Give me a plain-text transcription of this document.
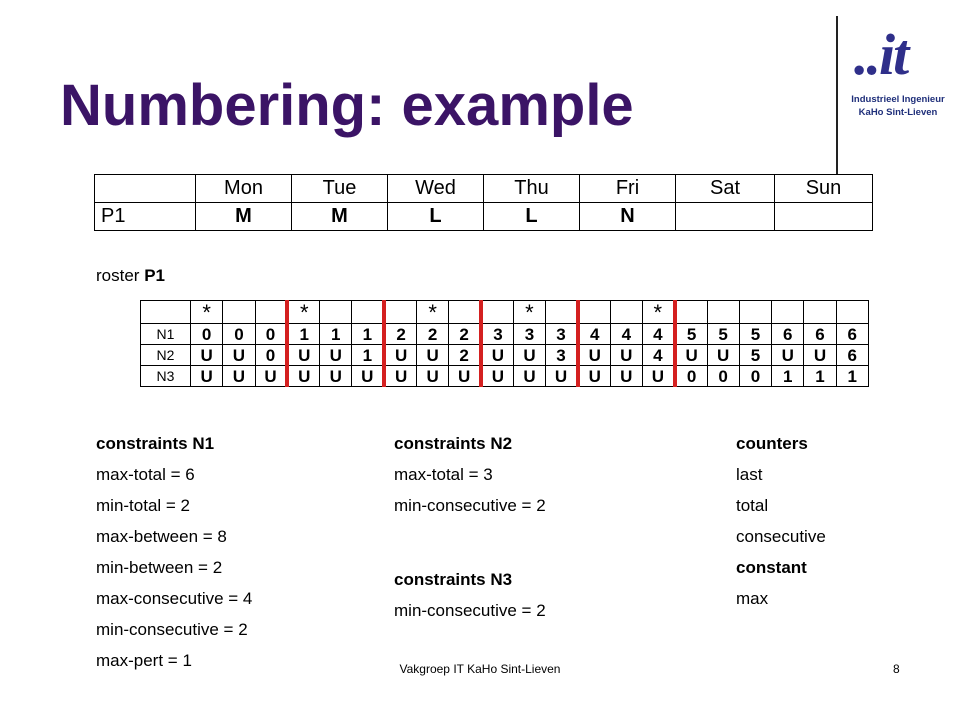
Numbering: example
..it
Industrieel Ingenieur
KaHo Sint-Lieven
	Mon	Tue	Wed	Thu	Fri	Sat	Sun
P1	M	M	L	L	N		
roster P1
	*			*				*			*				*						
N1	0	0	0	1	1	1	2	2	2	3	3	3	4	4	4	5	5	5	6	6	6
N2	U	U	0	U	U	1	U	U	2	U	U	3	U	U	4	U	U	5	U	U	6
N3	U	U	U	U	U	U	U	U	U	U	U	U	U	U	U	0	0	0	1	1	1
constraints N1
max-total = 6
min-total = 2
max-between = 8
min-between = 2
max-consecutive = 4
min-consecutive = 2
max-pert = 1
constraints N2
max-total = 3
min-consecutive = 2
constraints N3
min-consecutive = 2
counters
last
total
consecutive
constant
max
Vakgroep IT KaHo Sint-Lieven	8
